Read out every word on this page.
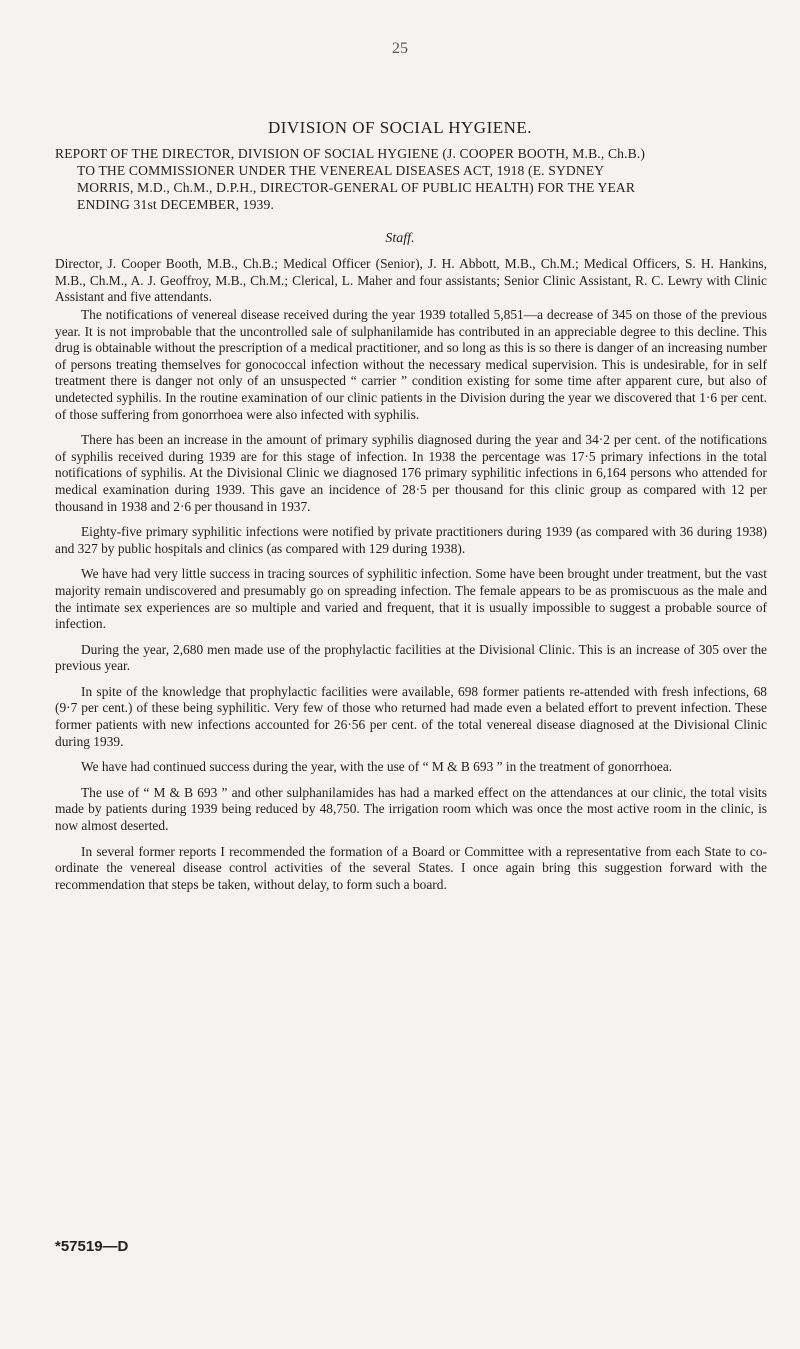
25
DIVISION OF SOCIAL HYGIENE.
REPORT OF THE DIRECTOR, DIVISION OF SOCIAL HYGIENE (J. COOPER BOOTH, M.B., Ch.B.)
TO THE COMMISSIONER UNDER THE VENEREAL DISEASES ACT, 1918 (E. SYDNEY
MORRIS, M.D., Ch.M., D.P.H., DIRECTOR-GENERAL OF PUBLIC HEALTH) FOR THE YEAR
ENDING 31st DECEMBER, 1939.
Staff.

Director, J. Cooper Booth, M.B., Ch.B.; Medical Officer (Senior), J. H. Abbott, M.B., Ch.M.; Medical Officers, S. H. Hankins, M.B., Ch.M., A. J. Geoffroy, M.B., Ch.M.; Clerical, L. Maher and four assistants; Senior Clinic Assistant, R. C. Lewry with Clinic Assistant and five attendants.

The notifications of venereal disease received during the year 1939 totalled 5,851—a decrease of 345 on those of the previous year. It is not improbable that the uncontrolled sale of sulphanilamide has contributed in an appreciable degree to this decline. This drug is obtainable without the prescription of a medical practitioner, and so long as this is so there is danger of an increasing number of persons treating themselves for gonococcal infection without the necessary medical supervision. This is undesirable, for in self treatment there is danger not only of an unsuspected “ carrier ” condition existing for some time after apparent cure, but also of undetected syphilis. In the routine examination of our clinic patients in the Division during the year we discovered that 1·6 per cent. of those suffering from gonorrhoea were also infected with syphilis.

There has been an increase in the amount of primary syphilis diagnosed during the year and 34·2 per cent. of the notifications of syphilis received during 1939 are for this stage of infection. In 1938 the percentage was 17·5 primary infections in the total notifications of syphilis. At the Divisional Clinic we diagnosed 176 primary syphilitic infections in 6,164 persons who attended for medical examination during 1939. This gave an incidence of 28·5 per thousand for this clinic group as compared with 12 per thousand in 1938 and 2·6 per thousand in 1937.

Eighty-five primary syphilitic infections were notified by private practitioners during 1939 (as compared with 36 during 1938) and 327 by public hospitals and clinics (as compared with 129 during 1938).

We have had very little success in tracing sources of syphilitic infection. Some have been brought under treatment, but the vast majority remain undiscovered and presumably go on spreading infection. The female appears to be as promiscuous as the male and the intimate sex experiences are so multiple and varied and frequent, that it is usually impossible to suggest a probable source of infection.

During the year, 2,680 men made use of the prophylactic facilities at the Divisional Clinic. This is an increase of 305 over the previous year.

In spite of the knowledge that prophylactic facilities were available, 698 former patients re-attended with fresh infections, 68 (9·7 per cent.) of these being syphilitic. Very few of those who returned had made even a belated effort to prevent infection. These former patients with new infections accounted for 26·56 per cent. of the total venereal disease diagnosed at the Divisional Clinic during 1939.

We have had continued success during the year, with the use of “ M & B 693 ” in the treatment of gonorrhoea.

The use of “ M & B 693 ” and other sulphanilamides has had a marked effect on the attendances at our clinic, the total visits made by patients during 1939 being reduced by 48,750. The irrigation room which was once the most active room in the clinic, is now almost deserted.

In several former reports I recommended the formation of a Board or Committee with a representative from each State to co-ordinate the venereal disease control activities of the several States. I once again bring this suggestion forward with the recommendation that steps be taken, without delay, to form such a board.

*57519—D
